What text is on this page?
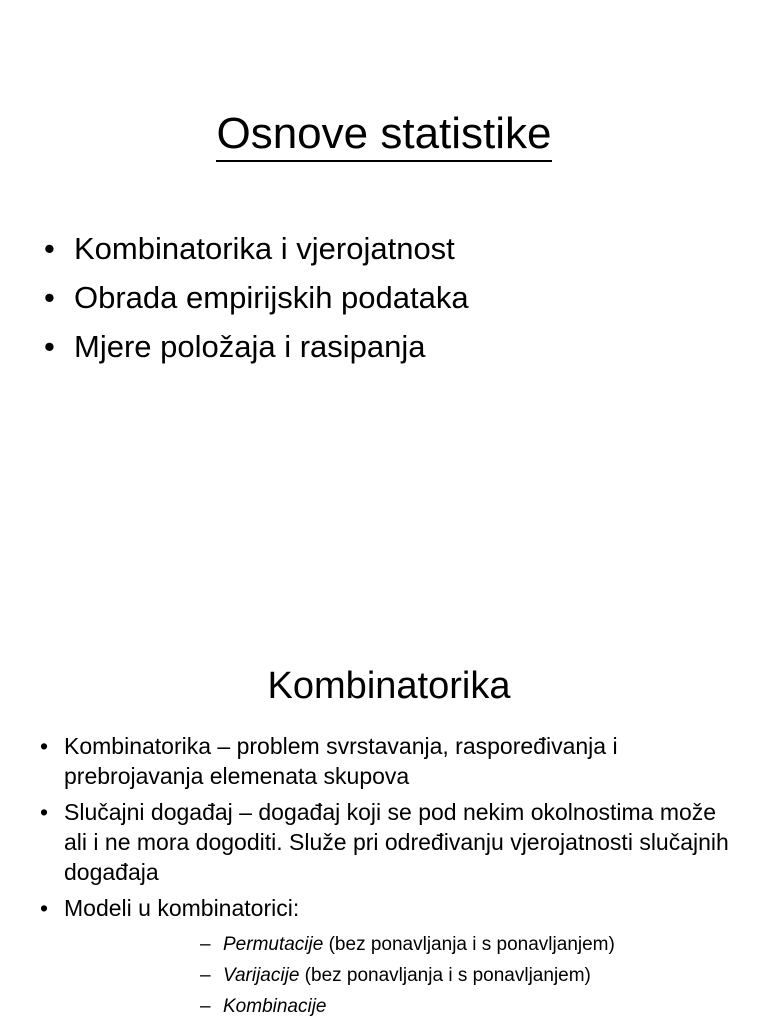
Osnove statistike
• Kombinatorika i vjerojatnost
• Obrada empirijskih podataka
• Mjere položaja i rasipanja
Kombinatorika
• Kombinatorika – problem svrstavanja, raspoređivanja i prebrojavanja elemenata skupova
• Slučajni događaj – događaj koji se pod nekim okolnostima može ali i ne mora dogoditi. Služe pri određivanju vjerojatnosti slučajnih događaja
• Modeli u kombinatorici:
– Permutacije (bez ponavljanja i s ponavljanjem)
– Varijacije (bez ponavljanja i s ponavljanjem)
– Kombinacije
